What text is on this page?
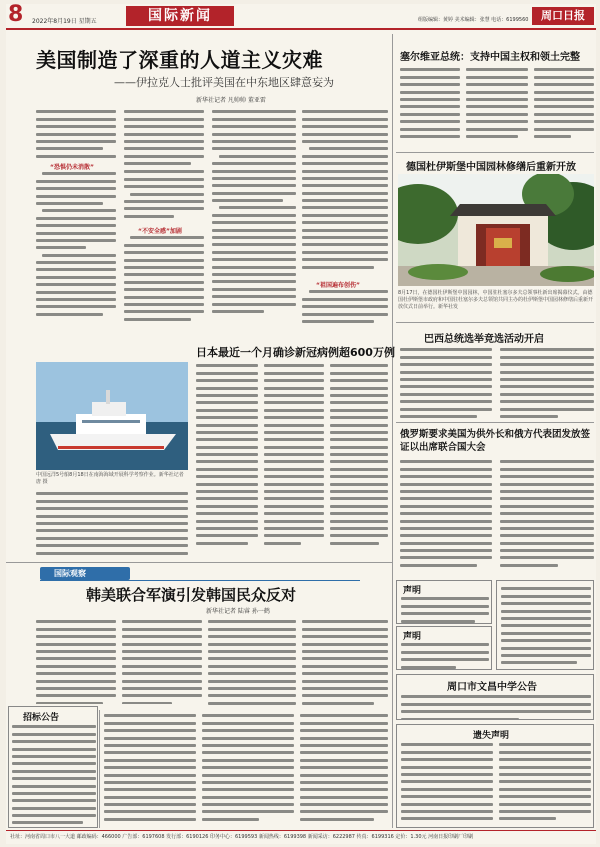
8 2022年8月19日 星期五	国际新闻	组版编辑：黄婷 美术编辑：张慧 电话：6199560	周口日报
美国制造了深重的人道主义灾难
——伊拉克人士批评美国在中东地区肆意妄为
新华社记者 凡帅帅 董亚雷
“恐惧仍未消散”
“不安全感”加剧
“祖国遍布创伤”
塞尔维亚总统：支持中国主权和领土完整
德国杜伊斯堡中国园林修缮后重新开放
8月17日，在德国杜伊斯堡中国园林，中国驻杜塞尔多夫总领事杜新出席揭幕仪式。由德国杜伊斯堡市政府和中国驻杜塞尔多夫总领馆共同主办的杜伊斯堡中国园林修缮后重新开放仪式日前举行。新华社发
日本最近一个月确诊新冠病例超600万例
中国远洋5号船8月18日在南海海域开展科学考察作业。新华社记者 唐 摄
巴西总统选举竞选活动开启
俄罗斯要求美国为供外长和俄方代表团发放签证以出席联合国大会
国际观察
韩美联合军演引发韩国民众反对
新华社记者 陆睿 孙一鹤
招标公告
声明
声明
周口市文昌中学公告
遗失声明
社址：河南省周口市八一大道 邮政编码：466000 广告部：6197608 发行部：6190126 印务中心：6199593 新闻热线：6199398 新闻采访：6222987 传真：6199316 定价：1.30元 河南日报印刷厂印刷
